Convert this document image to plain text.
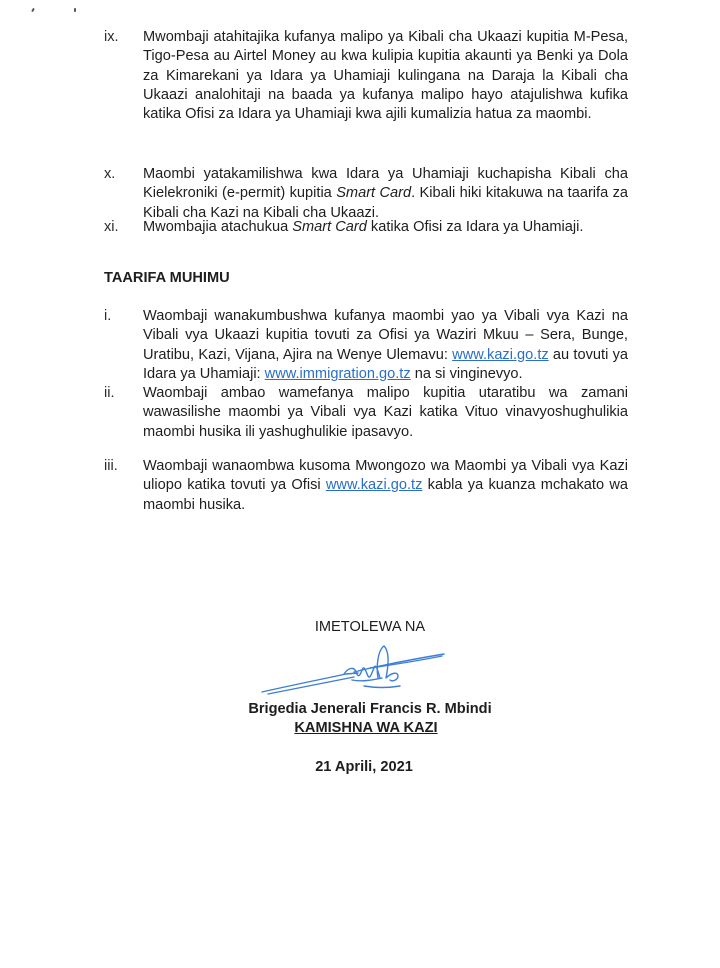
ix.	Mwombaji atahitajika kufanya malipo ya Kibali cha Ukaazi kupitia M-Pesa, Tigo-Pesa au Airtel Money au kwa kulipia kupitia akaunti ya Benki ya Dola za Kimarekani ya Idara ya Uhamiaji kulingana na Daraja la Kibali cha Ukaazi analohitaji na baada ya kufanya malipo hayo atajulishwa kufika katika Ofisi za Idara ya Uhamiaji kwa ajili kumalizia hatua za maombi.
x.	Maombi yatakamilishwa kwa Idara ya Uhamiaji kuchapisha Kibali cha Kielekroniki (e-permit) kupitia Smart Card. Kibali hiki kitakuwa na taarifa za Kibali cha Kazi na Kibali cha Ukaazi.
xi.	Mwombajia atachukua Smart Card katika Ofisi za Idara ya Uhamiaji.
TAARIFA MUHIMU
i.	Waombaji wanakumbushwa kufanya maombi yao ya Vibali vya Kazi na Vibali vya Ukaazi kupitia tovuti za Ofisi ya Waziri Mkuu – Sera, Bunge, Uratibu, Kazi, Vijana, Ajira na Wenye Ulemavu: www.kazi.go.tz au tovuti ya Idara ya Uhamiaji: www.immigration.go.tz na si vinginevyo.
ii.	Waombaji ambao wamefanya malipo kupitia utaratibu wa zamani wawasilishe maombi ya Vibali vya Kazi katika Vituo vinavyoshughulikia maombi husika ili yashughulikie ipasavyo.
iii.	Waombaji wanaombwa kusoma Mwongozo wa Maombi ya Vibali vya Kazi uliopo katika tovuti ya Ofisi www.kazi.go.tz kabla ya kuanza mchakato wa maombi husika.
IMETOLEWA NA
Brigedia Jenerali Francis R. Mbindi
KAMISHNA WA KAZI
21 Aprili, 2021
